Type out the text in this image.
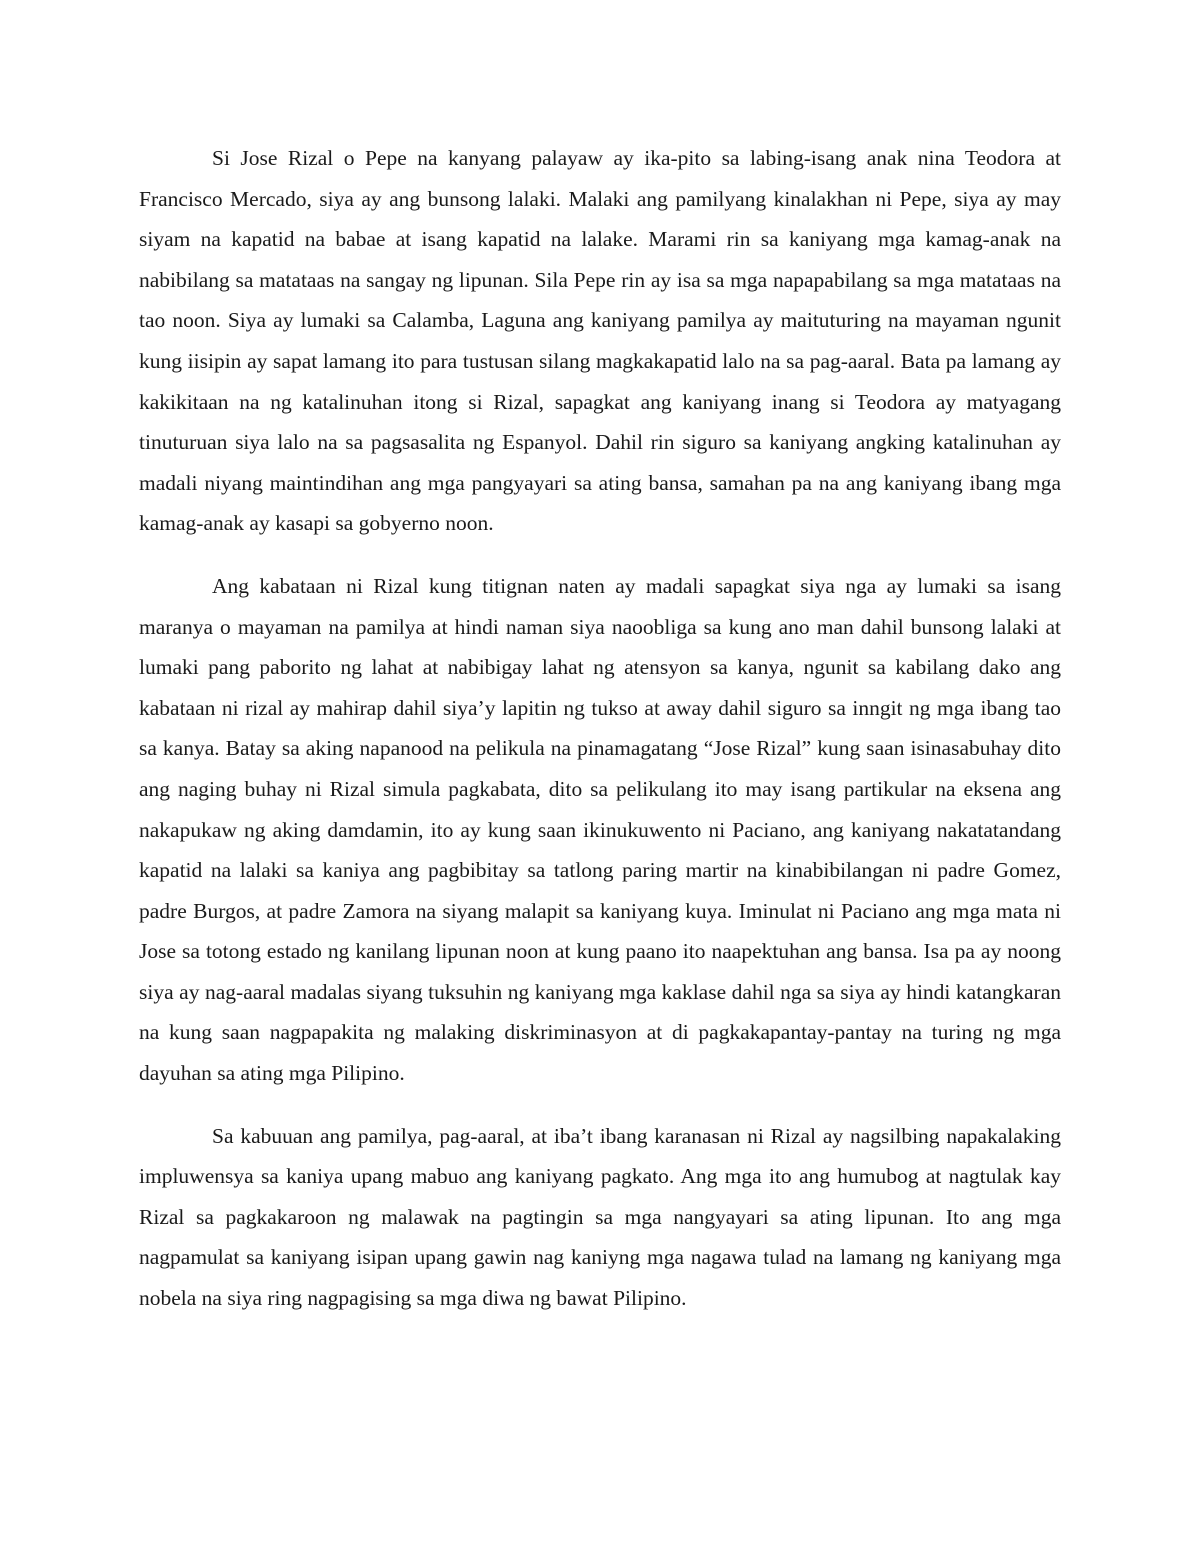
Si Jose Rizal o Pepe na kanyang palayaw ay ika-pito sa labing-isang anak nina Teodora at Francisco Mercado, siya ay ang bunsong lalaki. Malaki ang pamilyang kinalakhan ni Pepe, siya ay may siyam na kapatid na babae at isang kapatid na lalake. Marami rin sa kaniyang mga kamag-anak na nabibilang sa matataas na sangay ng lipunan. Sila Pepe rin ay isa sa mga napapabilang sa mga matataas na tao noon. Siya ay lumaki sa Calamba, Laguna ang kaniyang pamilya ay maituturing na mayaman ngunit kung iisipin ay sapat lamang ito para tustusan silang magkakapatid lalo na sa pag-aaral. Bata pa lamang ay kakikitaan na ng katalinuhan itong si Rizal, sapagkat ang kaniyang inang si Teodora ay matyagang tinuturuan siya lalo na sa pagsasalita ng Espanyol. Dahil rin siguro sa kaniyang angking katalinuhan ay madali niyang maintindihan ang mga pangyayari sa ating bansa, samahan pa na ang kaniyang ibang mga kamag-anak ay kasapi sa gobyerno noon.

Ang kabataan ni Rizal kung titignan naten ay madali sapagkat siya nga ay lumaki sa isang maranya o mayaman na pamilya at hindi naman siya naoobliga sa kung ano man dahil bunsong lalaki at lumaki pang paborito ng lahat at nabibigay lahat ng atensyon sa kanya, ngunit sa kabilang dako ang kabataan ni rizal ay mahirap dahil siya’y lapitin ng tukso at away dahil siguro sa inngit ng mga ibang tao sa kanya. Batay sa aking napanood na pelikula na pinamagatang “Jose Rizal” kung saan isinasabuhay dito ang naging buhay ni Rizal simula pagkabata, dito sa pelikulang ito may isang partikular na eksena ang nakapukaw ng aking damdamin, ito ay kung saan ikinukuwento ni Paciano, ang kaniyang nakatatandang kapatid na lalaki sa kaniya ang pagbibitay sa tatlong paring martir na kinabibilangan ni padre Gomez, padre Burgos, at padre Zamora na siyang malapit sa kaniyang kuya. Iminulat ni Paciano ang mga mata ni Jose sa totong estado ng kanilang lipunan noon at kung paano ito naapektuhan ang bansa. Isa pa ay noong siya ay nag-aaral madalas siyang tuksuhin ng kaniyang mga kaklase dahil nga sa siya ay hindi katangkaran na kung saan nagpapakita ng malaking diskriminasyon at di pagkakapantay-pantay na turing ng mga dayuhan sa ating mga Pilipino.

Sa kabuuan ang pamilya, pag-aaral, at iba’t ibang karanasan ni Rizal ay nagsilbing napakalaking impluwensya sa kaniya upang mabuo ang kaniyang pagkato. Ang mga ito ang humubog at nagtulak kay Rizal sa pagkakaroon ng malawak na pagtingin sa mga nangyayari sa ating lipunan. Ito ang mga nagpamulat sa kaniyang isipan upang gawin nag kaniyng mga nagawa tulad na lamang ng kaniyang mga nobela na siya ring nagpagising sa mga diwa ng bawat Pilipino.
